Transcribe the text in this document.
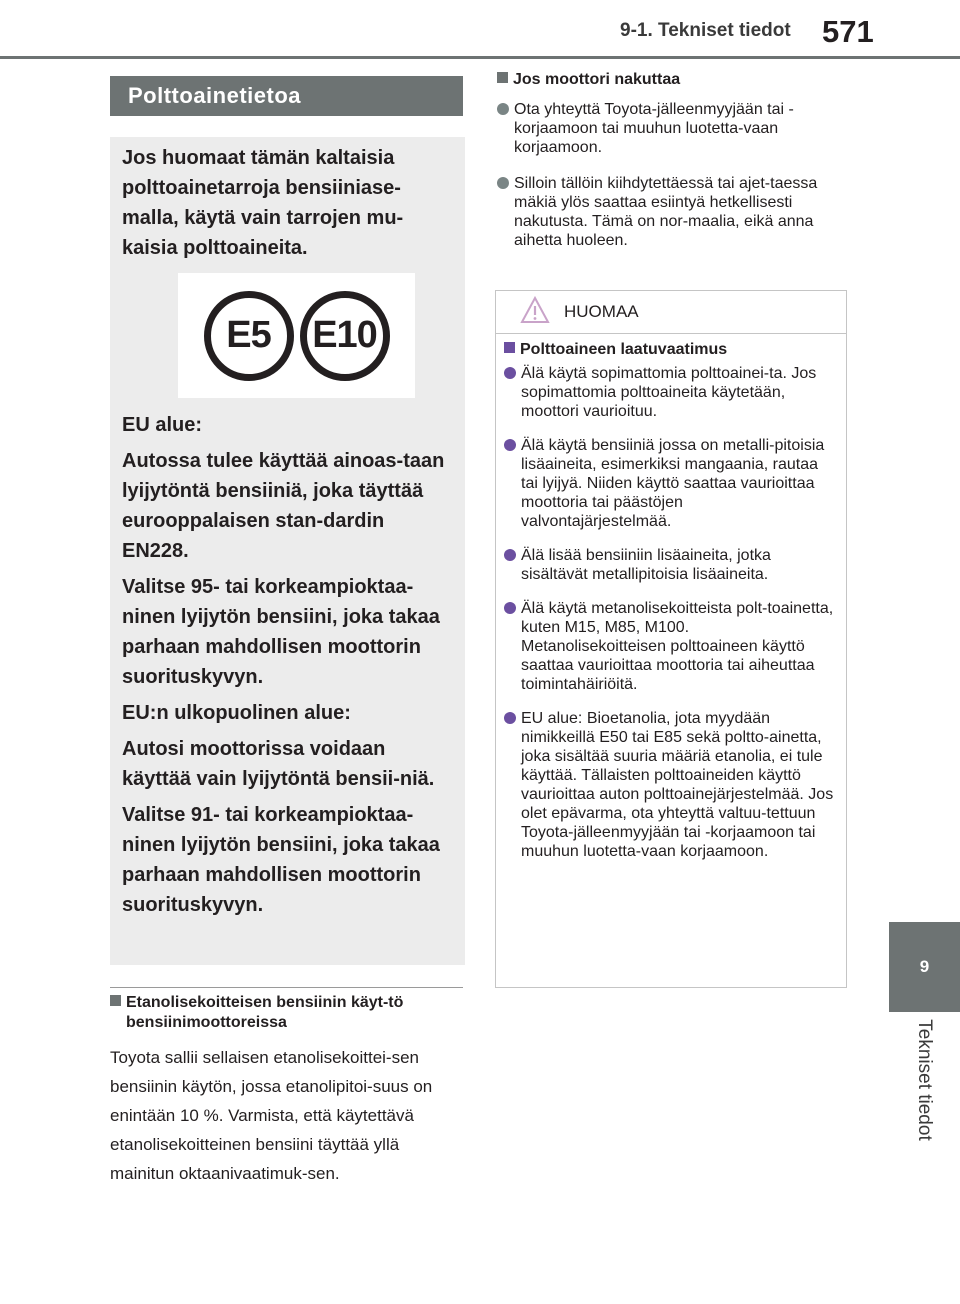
9-1. Tekniset tiedot 571
9
Tekniset tiedot
Polttoainetietoa

Jos huomaat tämän kaltaisia polttoainetarroja bensiiniase-malla, käytä vain tarrojen mu-kaisia polttoaineita.

E5 E10

EU alue:

Autossa tulee käyttää ainoas-taan lyijytöntä bensiiniä, joka täyttää eurooppalaisen stan-dardin EN228.

Valitse 95- tai korkeampioktaa-ninen lyijytön bensiini, joka takaa parhaan mahdollisen moottorin suorituskyvyn.

EU:n ulkopuolinen alue:

Autosi moottorissa voidaan käyttää vain lyijytöntä bensii-niä.

Valitse 91- tai korkeampioktaa-ninen lyijytön bensiini, joka takaa parhaan mahdollisen moottorin suorituskyvyn.

Etanolisekoitteisen bensiinin käyt-tö bensiinimoottoreissa

Toyota sallii sellaisen etanolisekoittei-sen bensiinin käytön, jossa etanolipitoi-suus on enintään 10 %. Varmista, että käytettävä etanolisekoitteinen bensiini täyttää yllä mainitun oktaanivaatimuk-sen.

Jos moottori nakuttaa
Ota yhteyttä Toyota-jälleenmyyjään tai -korjaamoon tai muuhun luotetta-vaan korjaamoon.
Silloin tällöin kiihdytettäessä tai ajet-taessa mäkiä ylös saattaa esiintyä hetkellisesti nakutusta. Tämä on nor-maalia, eikä anna aihetta huoleen.
HUOMAA
Polttoaineen laatuvaatimus
Älä käytä sopimattomia polttoainei-ta. Jos sopimattomia polttoaineita käytetään, moottori vaurioituu.
Älä käytä bensiiniä jossa on metalli-pitoisia lisäaineita, esimerkiksi mangaania, rautaa tai lyijyä. Niiden käyttö saattaa vaurioittaa moottoria tai päästöjen valvontajärjestelmää.
Älä lisää bensiiniin lisäaineita, jotka sisältävät metallipitoisia lisäaineita.
Älä käytä metanolisekoitteista polt-toainetta, kuten M15, M85, M100. Metanolisekoitteisen polttoaineen käyttö saattaa vaurioittaa moottoria tai aiheuttaa toimintahäiriöitä.
EU alue: Bioetanolia, jota myydään nimikkeillä E50 tai E85 sekä poltto-ainetta, joka sisältää suuria määriä etanolia, ei tule käyttää. Tällaisten polttoaineiden käyttö vaurioittaa auton polttoainejärjestelmää. Jos olet epävarma, ota yhteyttä valtuu-tettuun Toyota-jälleenmyyjään tai -korjaamoon tai muuhun luotetta-vaan korjaamoon.
